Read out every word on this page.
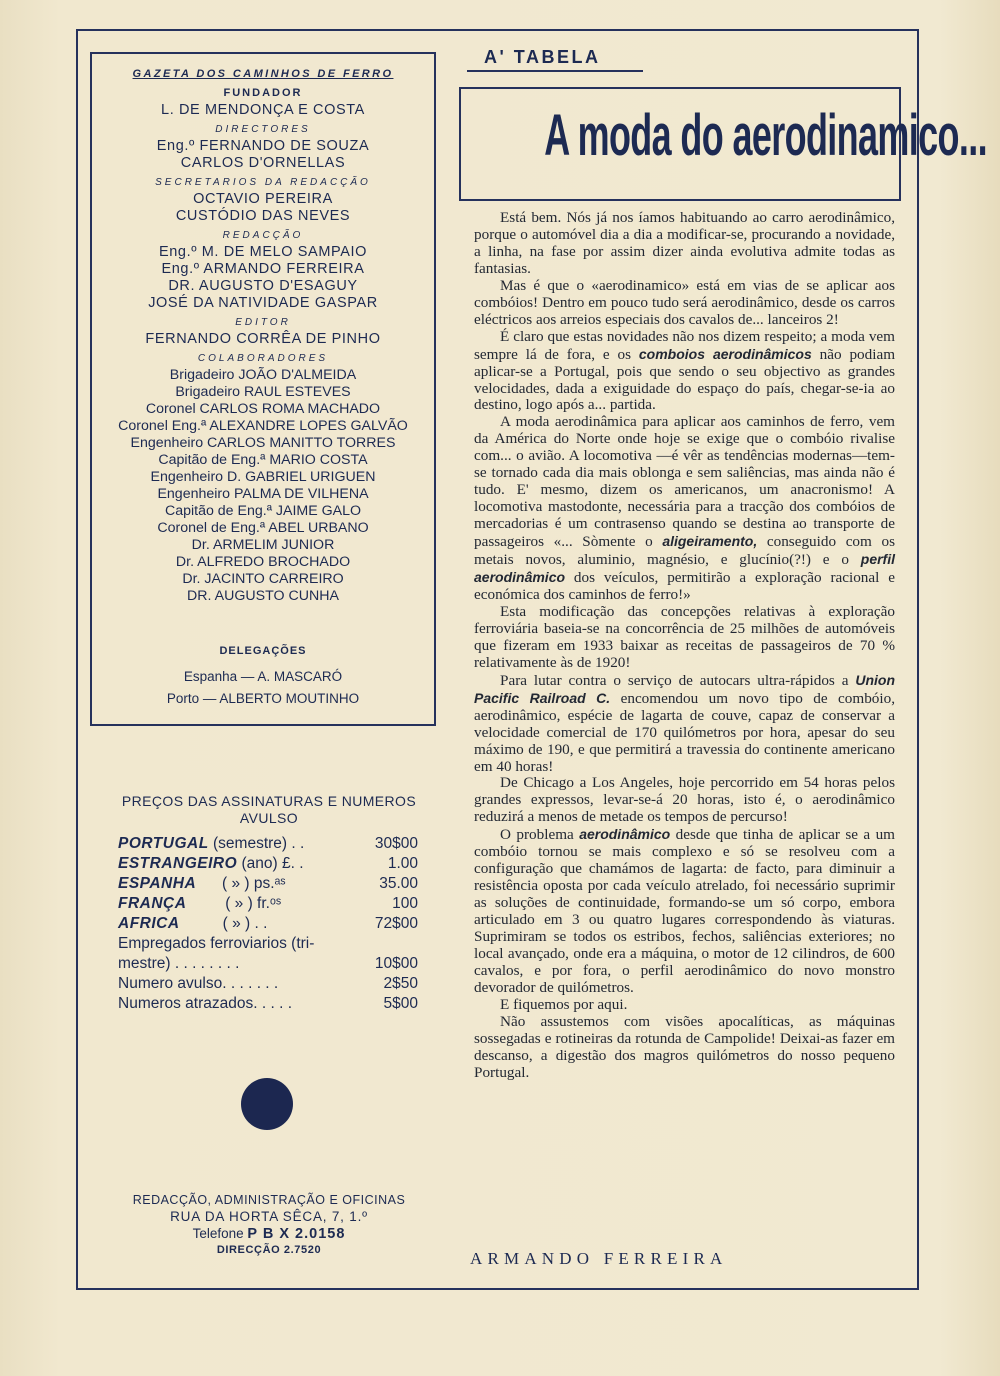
GAZETA DOS CAMINHOS DE FERRO
FUNDADOR
L. DE MENDONÇA E COSTA
DIRECTORES
Eng.º FERNANDO DE SOUZA
CARLOS D'ORNELLAS
SECRETARIOS DA REDACÇÃO
OCTAVIO PEREIRA
CUSTÓDIO DAS NEVES
REDACÇÃO
Eng.º M. DE MELO SAMPAIO
Eng.º ARMANDO FERREIRA
DR. AUGUSTO D'ESAGUY
JOSÉ DA NATIVIDADE GASPAR
EDITOR
FERNANDO CORRÊA DE PINHO
COLABORADORES
Brigadeiro JOÃO D'ALMEIDA
Brigadeiro RAUL ESTEVES
Coronel CARLOS ROMA MACHADO
Coronel Eng.ª ALEXANDRE LOPES GALVÃO
Engenheiro CARLOS MANITTO TORRES
Capitão de Eng.ª MARIO COSTA
Engenheiro D. GABRIEL URIGUEN
Engenheiro PALMA DE VILHENA
Capitão de Eng.ª JAIME GALO
Coronel de Eng.ª ABEL URBANO
Dr. ARMELIM JUNIOR
Dr. ALFREDO BROCHADO
Dr. JACINTO CARREIRO
DR. AUGUSTO CUNHA
DELEGAÇÕES
Espanha — A. MASCARÓ
Porto — ALBERTO MOUTINHO
PREÇOS DAS ASSINATURAS E NUMEROS
AVULSO
PORTUGAL (semestre) . .	30$00
ESTRANGEIRO (ano) £. .	1.00
ESPANHA      ( » ) ps.ᵃˢ	35.00
FRANÇA         ( » ) fr.ᵒˢ	100
AFRICA          ( » ) . .	72$00
Empregados ferroviarios (tri-
mestre) . . . . . . . .	10$00
Numero avulso. . . . . . .	2$50
Numeros atrazados. . . . .	5$00
REDACÇÃO, ADMINISTRAÇÃO E OFICINAS
RUA DA HORTA SÊCA, 7, 1.º
Telefone P B X 2.0158
DIRECÇÃO 2.7520
A' TABELA
A moda do aerodinamico...

Está bem. Nós já nos íamos habituando ao carro aerodinâmico, porque o automóvel dia a dia a modificar-se, procurando a novidade, a linha, na fase por assim dizer ainda evolutiva admite todas as fantasias.

Mas é que o «aerodinamico» está em vias de se aplicar aos combóios! Dentro em pouco tudo será aerodinâmico, desde os carros eléctricos aos arreios especiais dos cavalos de... lanceiros 2!

É claro que estas novidades não nos dizem respeito; a moda vem sempre lá de fora, e os comboios aerodinâmicos não podiam aplicar-se a Portugal, pois que sendo o seu objectivo as grandes velocidades, dada a exiguidade do espaço do país, chegar-se-ia ao destino, logo após a... partida.

A moda aerodinâmica para aplicar aos caminhos de ferro, vem da América do Norte onde hoje se exige que o combóio rivalise com... o avião. A locomotiva —é vêr as tendências modernas—tem-se tornado cada dia mais oblonga e sem saliências, mas ainda não é tudo. E' mesmo, dizem os americanos, um anacronismo! A locomotiva mastodonte, necessária para a tracção dos combóios de mercadorias é um contrasenso quando se destina ao transporte de passageiros «... Sòmente o aligeiramento, conseguido com os metais novos, aluminio, magnésio, e glucínio(?!) e o perfil aerodinâmico dos veículos, permitirão a exploração racional e económica dos caminhos de ferro!»

Esta modificação das concepções relativas à exploração ferroviária baseia-se na concorrência de 25 milhões de automóveis que fizeram em 1933 baixar as receitas de passageiros de 70 % relativamente às de 1920!

Para lutar contra o serviço de autocars ultra-rápidos a Union Pacific Railroad C. encomendou um novo tipo de combóio, aerodinâmico, espécie de lagarta de couve, capaz de conservar a velocidade comercial de 170 quilómetros por hora, apesar do seu máximo de 190, e que permitirá a travessia do continente americano em 40 horas!

De Chicago a Los Angeles, hoje percorrido em 54 horas pelos grandes expressos, levar-se-á 20 horas, isto é, o aerodinâmico reduzirá a menos de metade os tempos de percurso!

O problema aerodinâmico desde que tinha de aplicar se a um combóio tornou se mais complexo e só se resolveu com a configuração que chamámos de lagarta: de facto, para diminuir a resistência oposta por cada veículo atrelado, foi necessário suprimir as soluções de continuidade, formando-se um só corpo, embora articulado em 3 ou quatro lugares correspondendo às viaturas. Suprimiram se todos os estribos, fechos, saliências exteriores; no local avançado, onde era a máquina, o motor de 12 cilindros, de 600 cavalos, e por fora, o perfil aerodinâmico do novo monstro devorador de quilómetros.

E fiquemos por aqui.

Não assustemos com visões apocalíticas, as máquinas sossegadas e rotineiras da rotunda de Campolide! Deixai-as fazer em descanso, a digestão dos magros quilómetros do nosso pequeno Portugal.

ARMANDO FERREIRA
